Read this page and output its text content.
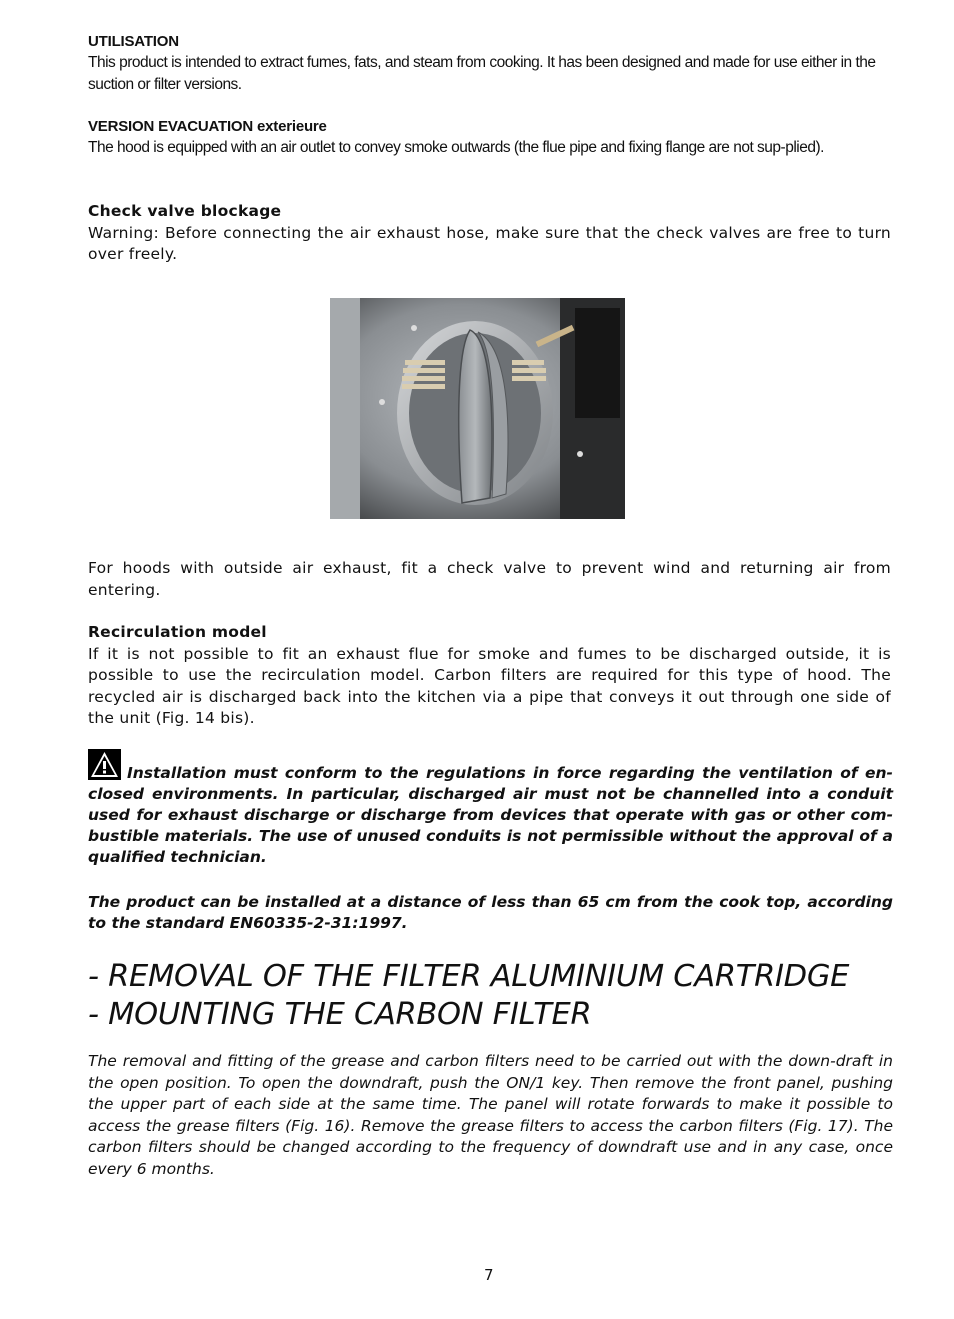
UTILISATION
This product is intended to extract fumes, fats, and steam from cooking. It has been designed and made for use either in the suction or filter versions.
VERSION EVACUATION exterieure
The hood is equipped with an air outlet to convey smoke outwards (the flue pipe and fixing flange are not sup-plied).
Check valve blockage
Warning: Before connecting the air exhaust hose, make sure that the check valves are free to turn over freely.
For hoods with outside air exhaust, fit a check valve to prevent wind and returning air from entering.
Recirculation model
If it is not possible to fit an exhaust flue for smoke and fumes to be discharged outside, it is possible to use the recirculation model. Carbon filters are required for this type of hood. The recycled air is discharged back into the kitchen via a pipe that conveys it out through one side of the unit (Fig. 14 bis).
Installation must conform to the regulations in force regarding the ventilation of en-closed environments. In particular, discharged air must not be channelled into a conduit used for exhaust discharge or discharge from devices that operate with gas or other com-bustible materials. The use of unused conduits is not permissible without the approval of a qualified technician.
The product can be installed at a distance of less than 65 cm from the cook top, according to the standard EN60335-2-31:1997.
- REMOVAL OF THE FILTER ALUMINIUM CARTRIDGE
- MOUNTING THE CARBON FILTER
The removal and fitting of the grease and carbon filters need to be carried out with the down-draft in the open position. To open the downdraft, push the ON/1 key. Then remove the front panel, pushing the upper part of each side at the same time. The panel will rotate forwards to make it possible to access the grease filters (Fig. 16). Remove the grease filters to access the carbon filters (Fig. 17). The carbon filters should be changed according to the frequency of downdraft use and in any case, once every 6 months.
7
